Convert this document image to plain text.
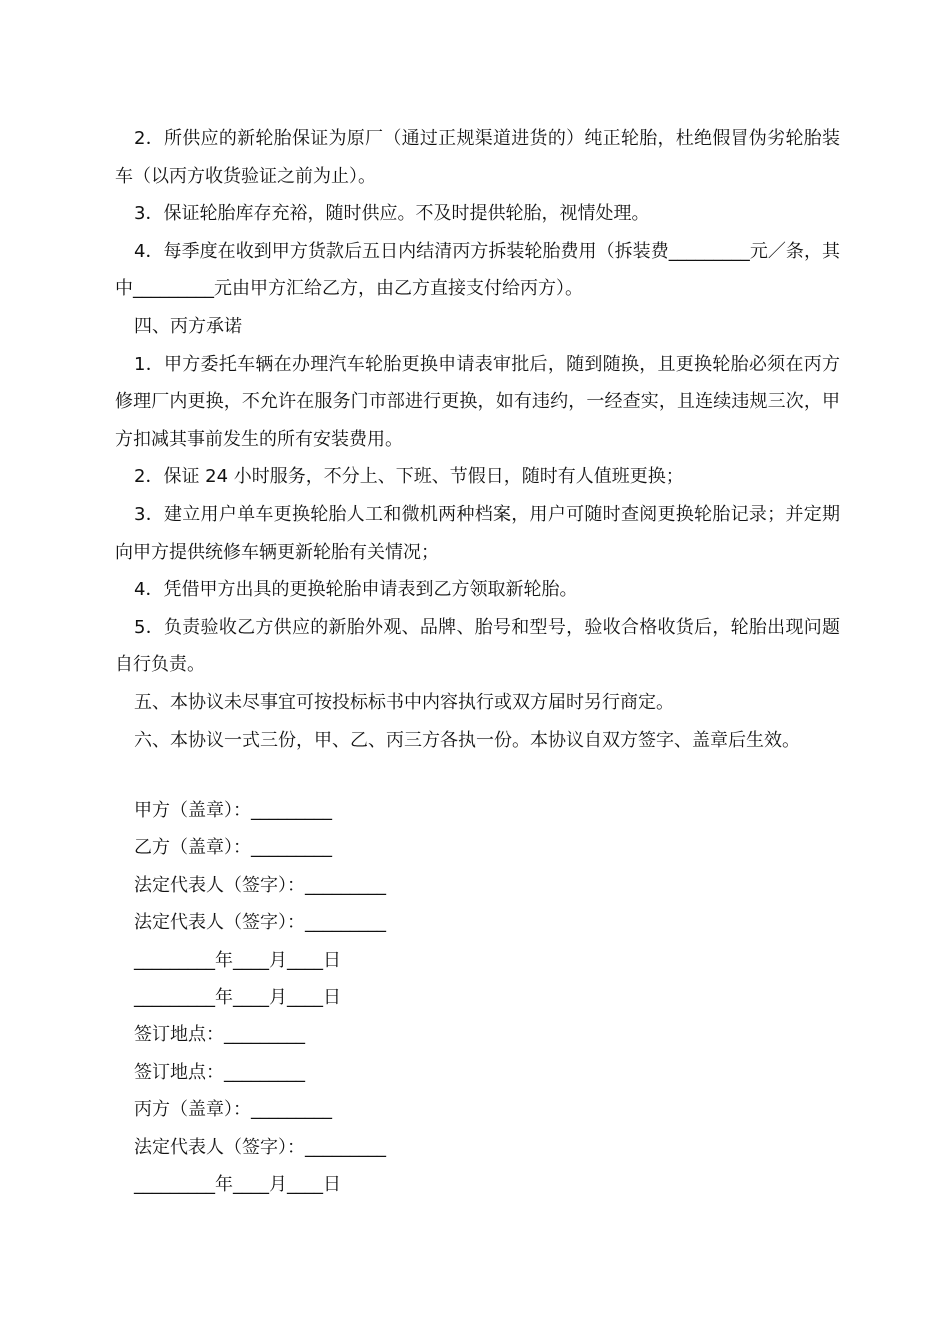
2．所供应的新轮胎保证为原厂（通过正规渠道进货的）纯正轮胎，杜绝假冒伪劣轮胎装车（以丙方收货验证之前为止）。

3．保证轮胎库存充裕，随时供应。不及时提供轮胎，视情处理。

4．每季度在收到甲方货款后五日内结清丙方拆装轮胎费用（拆装费_________元／条，其中_________元由甲方汇给乙方，由乙方直接支付给丙方）。

四、丙方承诺

1．甲方委托车辆在办理汽车轮胎更换申请表审批后，随到随换，且更换轮胎必须在丙方修理厂内更换，不允许在服务门市部进行更换，如有违约，一经查实，且连续违规三次，甲方扣减其事前发生的所有安装费用。

2．保证 24 小时服务，不分上、下班、节假日，随时有人值班更换；

3．建立用户单车更换轮胎人工和微机两种档案，用户可随时查阅更换轮胎记录；并定期向甲方提供统修车辆更新轮胎有关情况；

4．凭借甲方出具的更换轮胎申请表到乙方领取新轮胎。

5．负责验收乙方供应的新胎外观、品牌、胎号和型号，验收合格收货后，轮胎出现问题自行负责。

五、本协议未尽事宜可按投标标书中内容执行或双方届时另行商定。

六、本协议一式三份，甲、乙、丙三方各执一份。本协议自双方签字、盖章后生效。

甲方（盖章）：_________

乙方（盖章）：_________

法定代表人（签字）：_________

法定代表人（签字）：_________

_________年____月____日

_________年____月____日

签订地点：_________

签订地点：_________

丙方（盖章）：_________

法定代表人（签字）：_________

_________年____月____日
